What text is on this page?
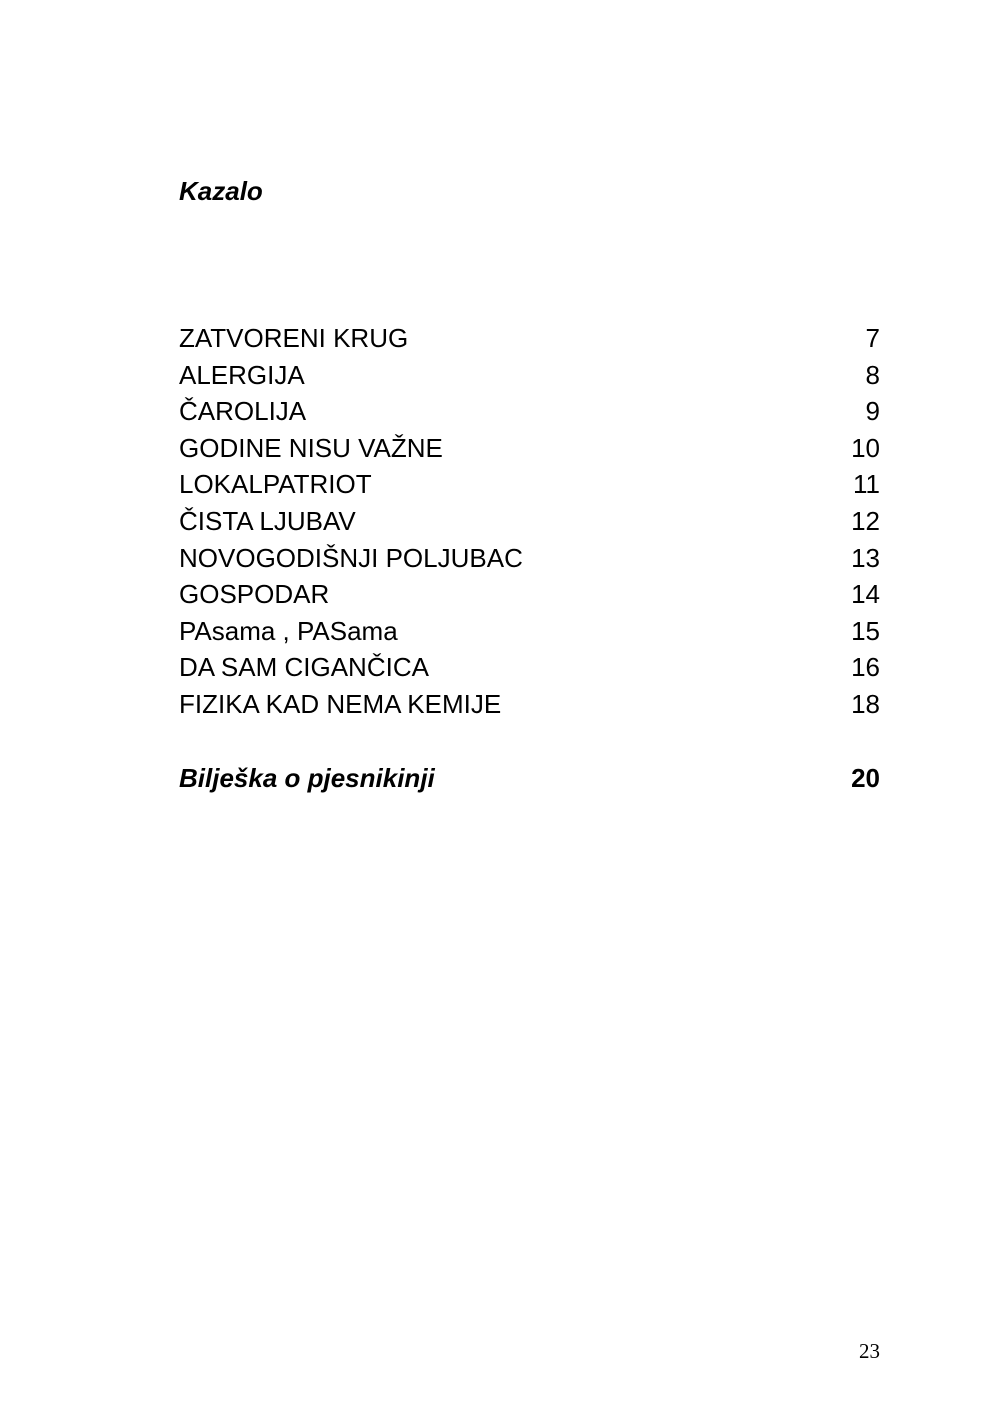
Kazalo
ZATVORENI KRUG	7
ALERGIJA	8
ČAROLIJA	9
GODINE NISU VAŽNE	10
LOKALPATRIOT	11
ČISTA LJUBAV	12
NOVOGODIŠNJI POLJUBAC	13
GOSPODAR	14
PAsama , PASama	15
DA SAM CIGANČICA	16
FIZIKA KAD NEMA KEMIJE	18
Bilješka o pjesnikinji	20
23
